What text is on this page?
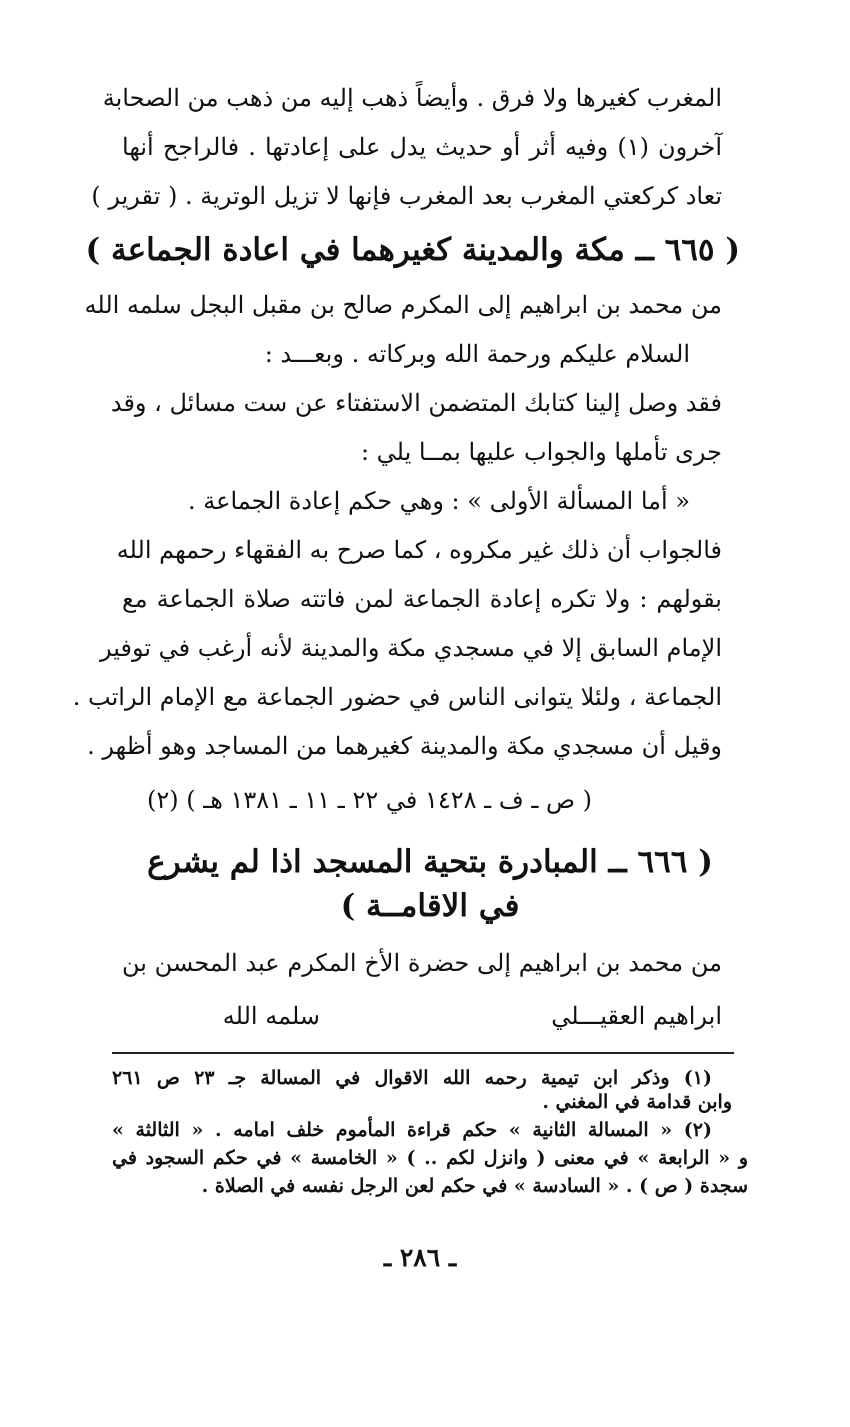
المغرب كغيرها ولا فرق . وأيضاً ذهب إليه من ذهب من الصحابة
آخرون (١) وفيه أثر أو حديث يدل على إعادتها . فالراجح أنها
تعاد كركعتي المغرب بعد المغرب فإنها لا تزيل الوترية . ( تقرير )
( ٦٦٥ ــ مكة والمدينة كغيرهما في اعادة الجماعة )
من محمد بن ابراهيم إلى المكرم صالح بن مقبل البجل سلمه الله
السلام عليكم ورحمة الله وبركاته . وبعـــد :
فقد وصل إلينا كتابك المتضمن الاستفتاء عن ست مسائل ، وقد
جرى تأملها والجواب عليها بمــا يلي :
« أما المسألة الأولى » : وهي حكم إعادة الجماعة .
فالجواب أن ذلك غير مكروه ، كما صرح به الفقهاء رحمهم الله
بقولهم : ولا تكره إعادة الجماعة لمن فاتته صلاة الجماعة مع
الإمام السابق إلا في مسجدي مكة والمدينة لأنه أرغب في توفير
الجماعة ، ولئلا يتوانى الناس في حضور الجماعة مع الإمام الراتب .
وقيل أن مسجدي مكة والمدينة كغيرهما من المساجد وهو أظهر .
( ص ـ ف ـ ١٤٢٨ في ٢٢ ـ ١١ ـ ١٣٨١ هـ ) (٢)
( ٦٦٦ ــ المبادرة بتحية المسجد اذا لم يشرع
في الاقامــة )
من محمد بن ابراهيم إلى حضرة الأخ المكرم عبد المحسن بن
ابراهيم العقيـــلي
سلمه الله
(١) وذكر ابن تيمية رحمه الله الاقوال في المسالة جـ ٢٣ ص ٢٦١
وابن قدامة في المغني .
(٢) « المسالة الثانية » حكم قراءة المأموم خلف امامه . « الثالثة »
و « الرابعة » في معنى ( وانزل لكم .. ) « الخامسة » في حكم السجود في
سجدة ( ص ) . « السادسة » في حكم لعن الرجل نفسه في الصلاة .
ـ ٢٨٦ ـ
